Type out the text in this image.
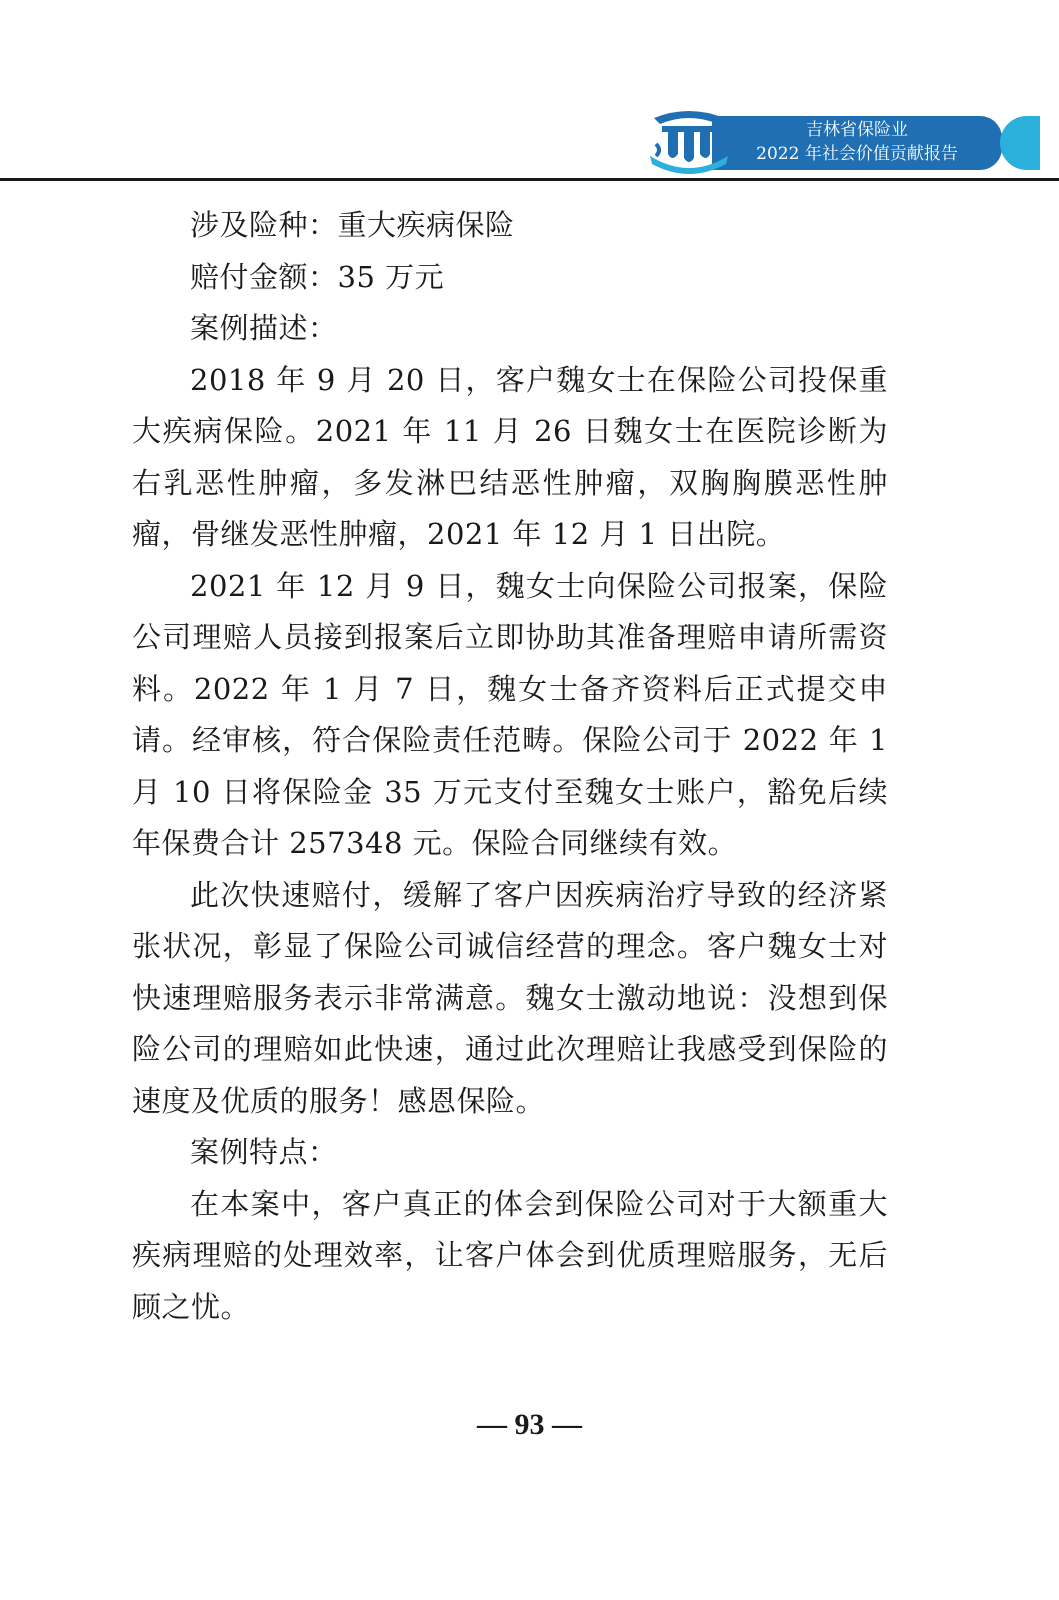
吉林省保险业
2022 年社会价值贡献报告

涉及险种：重大疾病保险

赔付金额：35 万元

案例描述：

2018 年 9 月 20 日，客户魏女士在保险公司投保重大疾病保险。2021 年 11 月 26 日魏女士在医院诊断为右乳恶性肿瘤，多发淋巴结恶性肿瘤，双胸胸膜恶性肿瘤，骨继发恶性肿瘤，2021 年 12 月 1 日出院。

2021 年 12 月 9 日，魏女士向保险公司报案，保险公司理赔人员接到报案后立即协助其准备理赔申请所需资料。2022 年 1 月 7 日，魏女士备齐资料后正式提交申请。经审核，符合保险责任范畴。保险公司于 2022 年 1 月 10 日将保险金 35 万元支付至魏女士账户，豁免后续年保费合计 257348 元。保险合同继续有效。

此次快速赔付，缓解了客户因疾病治疗导致的经济紧张状况，彰显了保险公司诚信经营的理念。客户魏女士对快速理赔服务表示非常满意。魏女士激动地说：没想到保险公司的理赔如此快速，通过此次理赔让我感受到保险的速度及优质的服务！感恩保险。

案例特点：

在本案中，客户真正的体会到保险公司对于大额重大疾病理赔的处理效率，让客户体会到优质理赔服务，无后顾之忧。

— 93 —
